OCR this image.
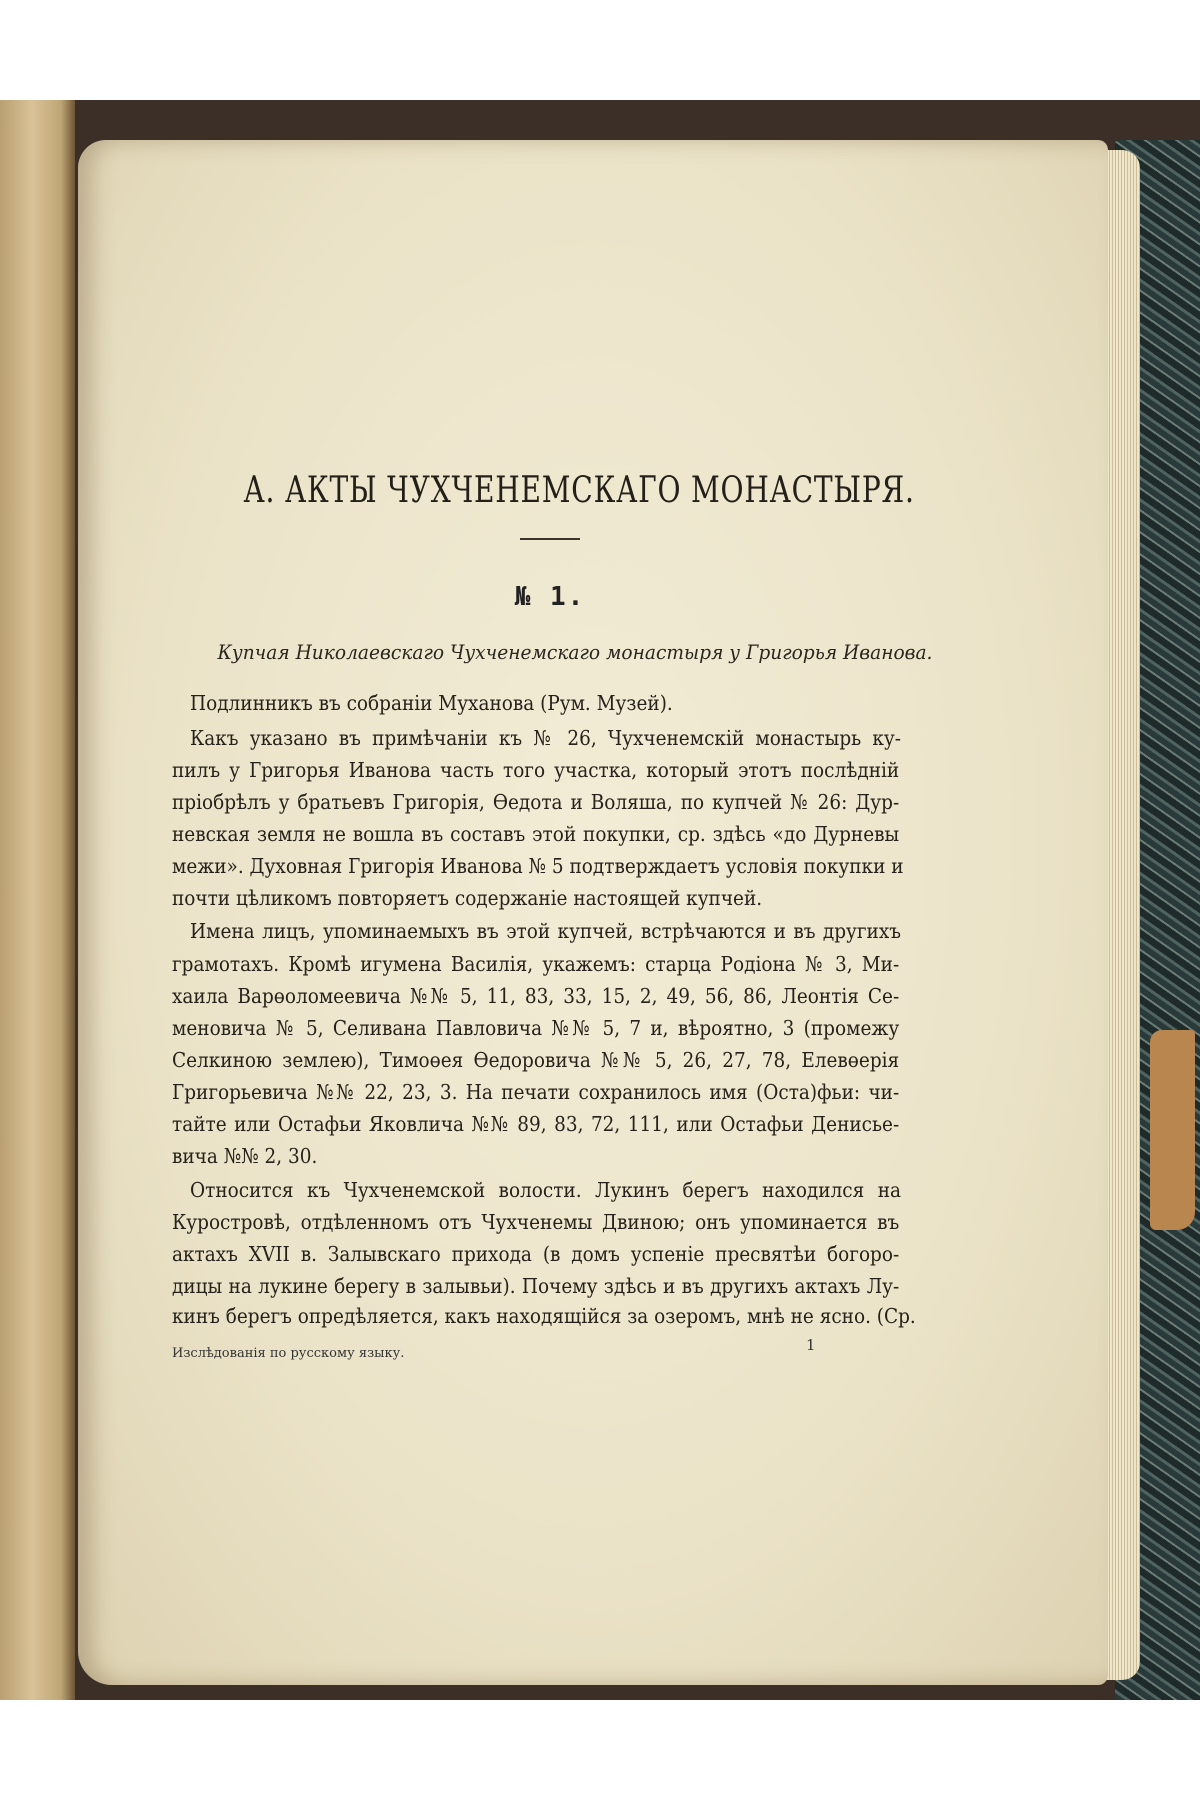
А. АКТЫ ЧУХЧЕНЕМСКАГО МОНАСТЫРЯ.
№ 1.
Купчая Николаевскаго Чухченемскаго монастыря у Григорья Иванова.
Подлинникъ въ собранiи Муханова (Рум. Музей).
Какъ указано въ примѣчанiи къ № 26, Чухченемскiй монастырь ку-
пилъ у Григорья Иванова часть того участка, который этотъ послѣднiй
прiобрѣлъ у братьевъ Григорiя, Өедота и Воляша, по купчей № 26: Дур-
невская земля не вошла въ составъ этой покупки, ср. здѣсь «до Дурневы
межи». Духовная Григорiя Иванова № 5 подтверждаетъ условiя покупки и
почти цѣликомъ повторяетъ содержанiе настоящей купчей.
Имена лицъ, упоминаемыхъ въ этой купчей, встрѣчаются и въ другихъ
грамотахъ. Кромѣ игумена Василiя, укажемъ: старца Родiона № 3, Ми-
хаила Варөоломеевича №№ 5, 11, 83, 33, 15, 2, 49, 56, 86, Леонтiя Се-
меновича № 5, Селивана Павловича №№ 5, 7 и, вѣроятно, 3 (промежу
Селкиною землею), Тимоөея Өедоровича №№ 5, 26, 27, 78, Елевөерiя
Григорьевича №№ 22, 23, 3. На печати сохранилось имя (Оста)фьи: чи-
тайте или Остафьи Яковлича №№ 89, 83, 72, 111, или Остафьи Денисье-
вича №№ 2, 30.
Относится къ Чухченемской волости. Лукинъ берегъ находился на
Куростровѣ, отдѣленномъ отъ Чухченемы Двиною; онъ упоминается въ
актахъ XVII в. Залывскаго прихода (в домъ успенiе пресвятѣи богоро-
дицы на лукине берегу в залывьи). Почему здѣсь и въ другихъ актахъ Лу-
кинъ берегъ опредѣляется, какъ находящiйся за озеромъ, мнѣ не ясно. (Ср.
1
Изслѣдованiя по русскому языку.
